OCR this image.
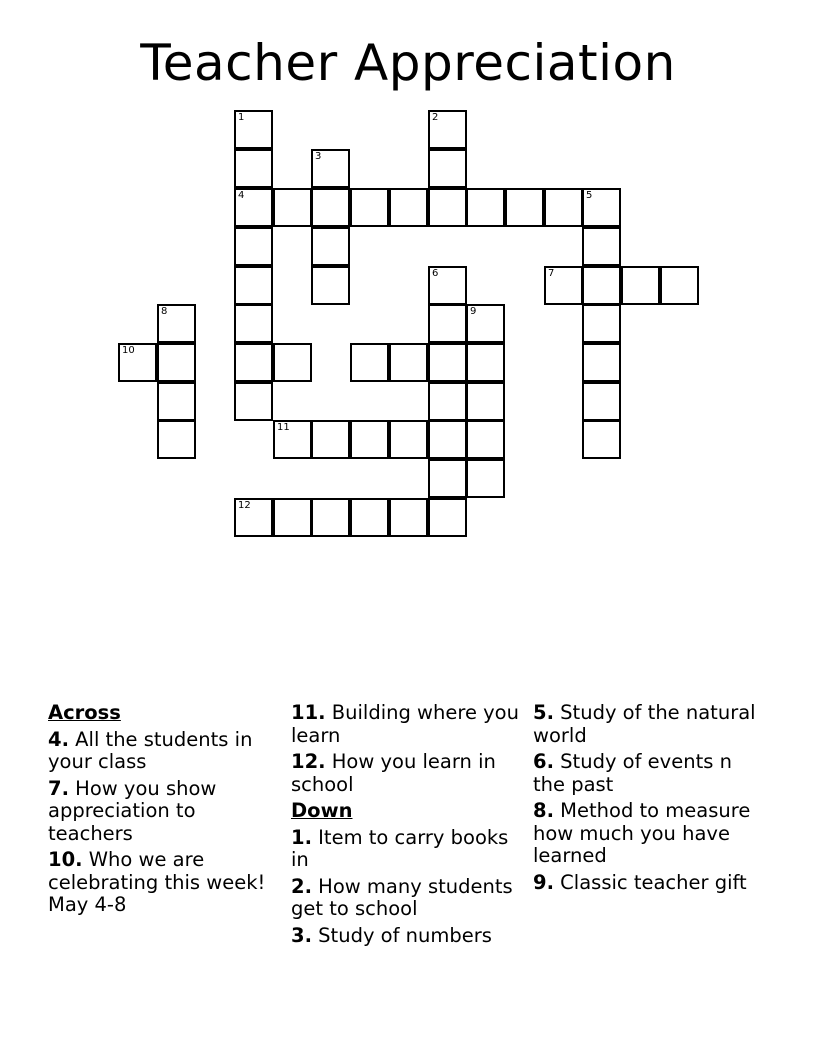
Teacher Appreciation
1
4
2
3
5
6	7
8	9
10
11
12
Across
4. All the students in your class
7. How you show appreciation to teachers
10. Who we are celebrating this week! May 4-8
11. Building where you learn
12. How you learn in school
Down
1. Item to carry books in
2. How many students get to school
3. Study of numbers
5. Study of the natural world
6. Study of events n the past
8. Method to measure how much you have learned
9. Classic teacher gift
